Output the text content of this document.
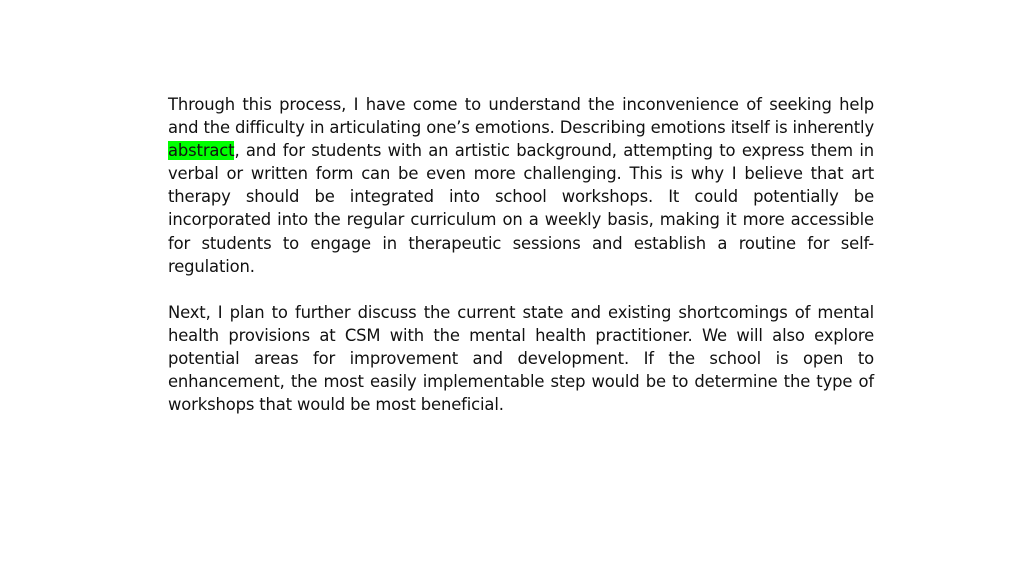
Through this process, I have come to understand the inconvenience of seeking help and the difficulty in articulating one’s emotions. Describing emotions itself is inherently abstract, and for students with an artistic background, attempting to express them in verbal or written form can be even more challenging. This is why I believe that art therapy should be integrated into school workshops. It could potentially be incorporated into the regular curriculum on a weekly basis, making it more accessible for students to engage in therapeutic sessions and establish a routine for self-regulation.

Next, I plan to further discuss the current state and existing shortcomings of mental health provisions at CSM with the mental health practitioner. We will also explore potential areas for improvement and development. If the school is open to enhancement, the most easily implementable step would be to determine the type of workshops that would be most beneficial.
